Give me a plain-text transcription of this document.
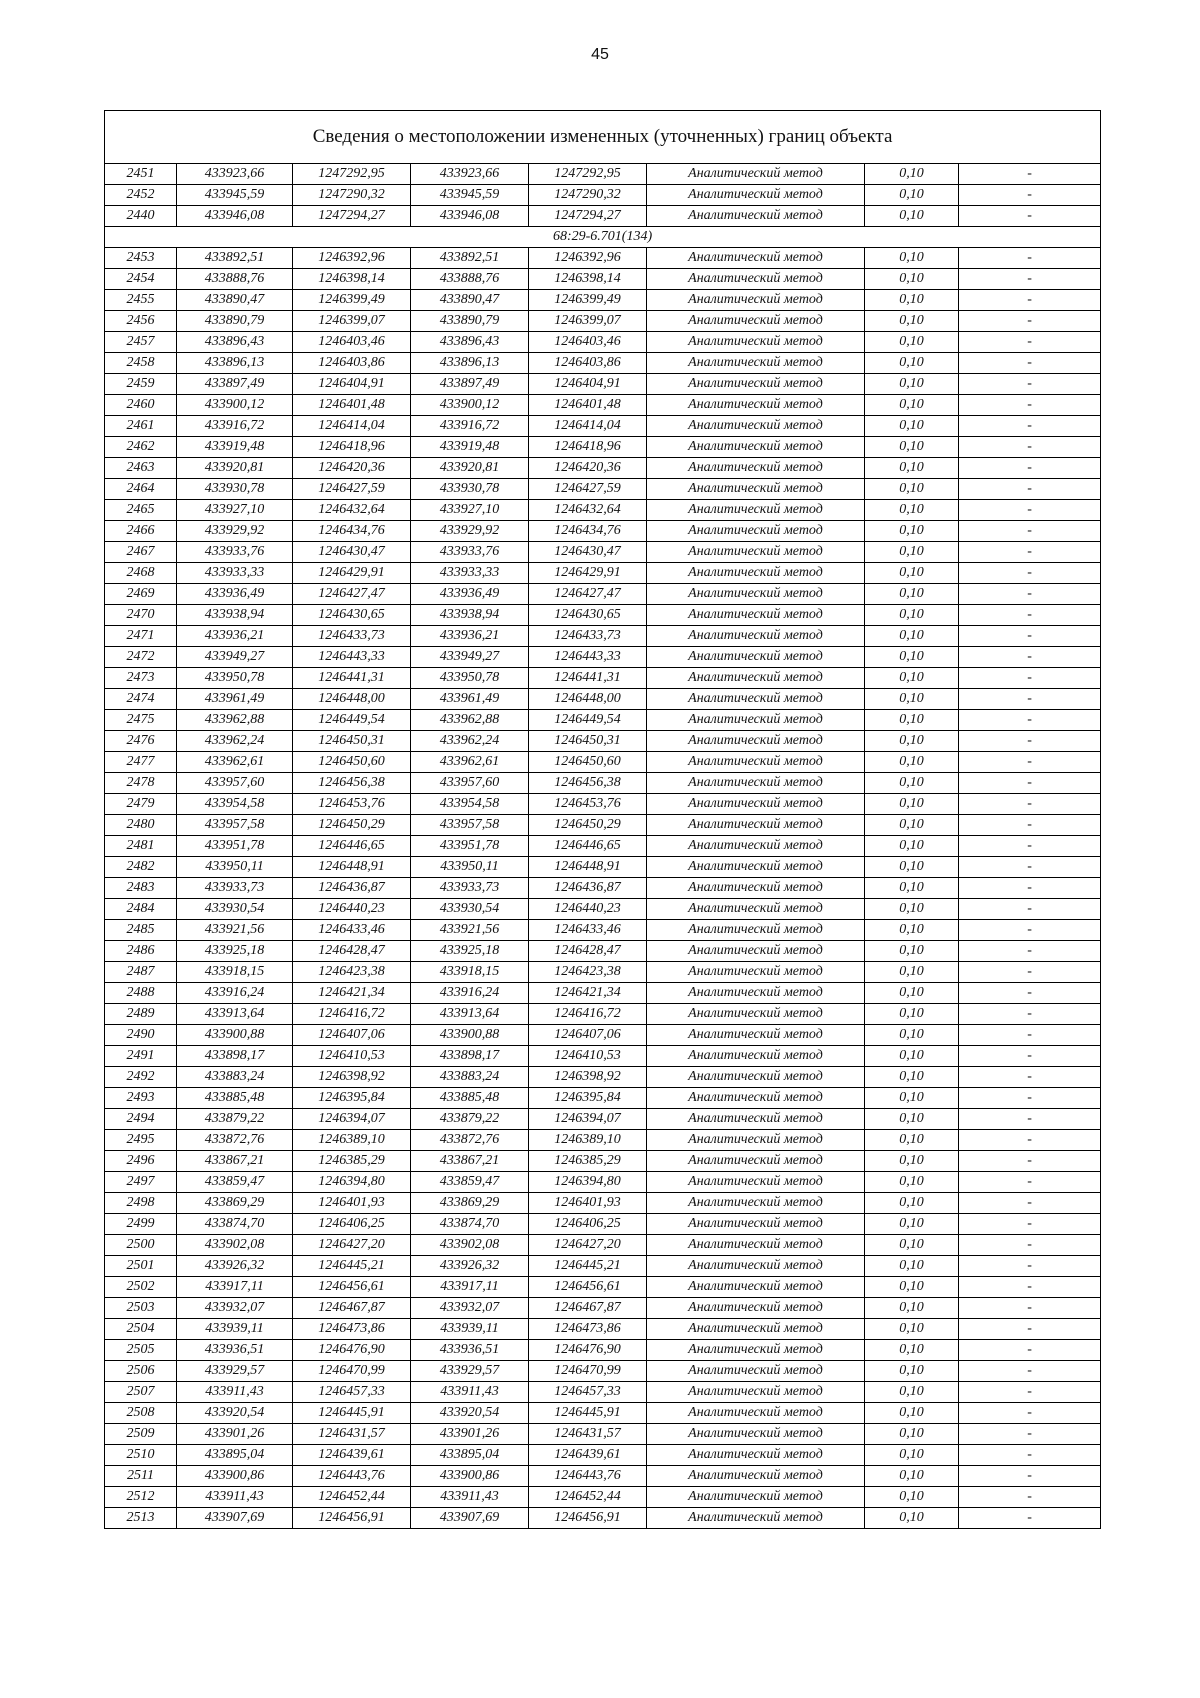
45
Сведения о местоположении измененных (уточненных) границ объекта							
2451	433923,66	1247292,95	433923,66	1247292,95	Аналитический метод	0,10	-
2452	433945,59	1247290,32	433945,59	1247290,32	Аналитический метод	0,10	-
2440	433946,08	1247294,27	433946,08	1247294,27	Аналитический метод	0,10	-
68:29-6.701(134)							
2453	433892,51	1246392,96	433892,51	1246392,96	Аналитический метод	0,10	-
2454	433888,76	1246398,14	433888,76	1246398,14	Аналитический метод	0,10	-
2455	433890,47	1246399,49	433890,47	1246399,49	Аналитический метод	0,10	-
2456	433890,79	1246399,07	433890,79	1246399,07	Аналитический метод	0,10	-
2457	433896,43	1246403,46	433896,43	1246403,46	Аналитический метод	0,10	-
2458	433896,13	1246403,86	433896,13	1246403,86	Аналитический метод	0,10	-
2459	433897,49	1246404,91	433897,49	1246404,91	Аналитический метод	0,10	-
2460	433900,12	1246401,48	433900,12	1246401,48	Аналитический метод	0,10	-
2461	433916,72	1246414,04	433916,72	1246414,04	Аналитический метод	0,10	-
2462	433919,48	1246418,96	433919,48	1246418,96	Аналитический метод	0,10	-
2463	433920,81	1246420,36	433920,81	1246420,36	Аналитический метод	0,10	-
2464	433930,78	1246427,59	433930,78	1246427,59	Аналитический метод	0,10	-
2465	433927,10	1246432,64	433927,10	1246432,64	Аналитический метод	0,10	-
2466	433929,92	1246434,76	433929,92	1246434,76	Аналитический метод	0,10	-
2467	433933,76	1246430,47	433933,76	1246430,47	Аналитический метод	0,10	-
2468	433933,33	1246429,91	433933,33	1246429,91	Аналитический метод	0,10	-
2469	433936,49	1246427,47	433936,49	1246427,47	Аналитический метод	0,10	-
2470	433938,94	1246430,65	433938,94	1246430,65	Аналитический метод	0,10	-
2471	433936,21	1246433,73	433936,21	1246433,73	Аналитический метод	0,10	-
2472	433949,27	1246443,33	433949,27	1246443,33	Аналитический метод	0,10	-
2473	433950,78	1246441,31	433950,78	1246441,31	Аналитический метод	0,10	-
2474	433961,49	1246448,00	433961,49	1246448,00	Аналитический метод	0,10	-
2475	433962,88	1246449,54	433962,88	1246449,54	Аналитический метод	0,10	-
2476	433962,24	1246450,31	433962,24	1246450,31	Аналитический метод	0,10	-
2477	433962,61	1246450,60	433962,61	1246450,60	Аналитический метод	0,10	-
2478	433957,60	1246456,38	433957,60	1246456,38	Аналитический метод	0,10	-
2479	433954,58	1246453,76	433954,58	1246453,76	Аналитический метод	0,10	-
2480	433957,58	1246450,29	433957,58	1246450,29	Аналитический метод	0,10	-
2481	433951,78	1246446,65	433951,78	1246446,65	Аналитический метод	0,10	-
2482	433950,11	1246448,91	433950,11	1246448,91	Аналитический метод	0,10	-
2483	433933,73	1246436,87	433933,73	1246436,87	Аналитический метод	0,10	-
2484	433930,54	1246440,23	433930,54	1246440,23	Аналитический метод	0,10	-
2485	433921,56	1246433,46	433921,56	1246433,46	Аналитический метод	0,10	-
2486	433925,18	1246428,47	433925,18	1246428,47	Аналитический метод	0,10	-
2487	433918,15	1246423,38	433918,15	1246423,38	Аналитический метод	0,10	-
2488	433916,24	1246421,34	433916,24	1246421,34	Аналитический метод	0,10	-
2489	433913,64	1246416,72	433913,64	1246416,72	Аналитический метод	0,10	-
2490	433900,88	1246407,06	433900,88	1246407,06	Аналитический метод	0,10	-
2491	433898,17	1246410,53	433898,17	1246410,53	Аналитический метод	0,10	-
2492	433883,24	1246398,92	433883,24	1246398,92	Аналитический метод	0,10	-
2493	433885,48	1246395,84	433885,48	1246395,84	Аналитический метод	0,10	-
2494	433879,22	1246394,07	433879,22	1246394,07	Аналитический метод	0,10	-
2495	433872,76	1246389,10	433872,76	1246389,10	Аналитический метод	0,10	-
2496	433867,21	1246385,29	433867,21	1246385,29	Аналитический метод	0,10	-
2497	433859,47	1246394,80	433859,47	1246394,80	Аналитический метод	0,10	-
2498	433869,29	1246401,93	433869,29	1246401,93	Аналитический метод	0,10	-
2499	433874,70	1246406,25	433874,70	1246406,25	Аналитический метод	0,10	-
2500	433902,08	1246427,20	433902,08	1246427,20	Аналитический метод	0,10	-
2501	433926,32	1246445,21	433926,32	1246445,21	Аналитический метод	0,10	-
2502	433917,11	1246456,61	433917,11	1246456,61	Аналитический метод	0,10	-
2503	433932,07	1246467,87	433932,07	1246467,87	Аналитический метод	0,10	-
2504	433939,11	1246473,86	433939,11	1246473,86	Аналитический метод	0,10	-
2505	433936,51	1246476,90	433936,51	1246476,90	Аналитический метод	0,10	-
2506	433929,57	1246470,99	433929,57	1246470,99	Аналитический метод	0,10	-
2507	433911,43	1246457,33	433911,43	1246457,33	Аналитический метод	0,10	-
2508	433920,54	1246445,91	433920,54	1246445,91	Аналитический метод	0,10	-
2509	433901,26	1246431,57	433901,26	1246431,57	Аналитический метод	0,10	-
2510	433895,04	1246439,61	433895,04	1246439,61	Аналитический метод	0,10	-
2511	433900,86	1246443,76	433900,86	1246443,76	Аналитический метод	0,10	-
2512	433911,43	1246452,44	433911,43	1246452,44	Аналитический метод	0,10	-
2513	433907,69	1246456,91	433907,69	1246456,91	Аналитический метод	0,10	-
